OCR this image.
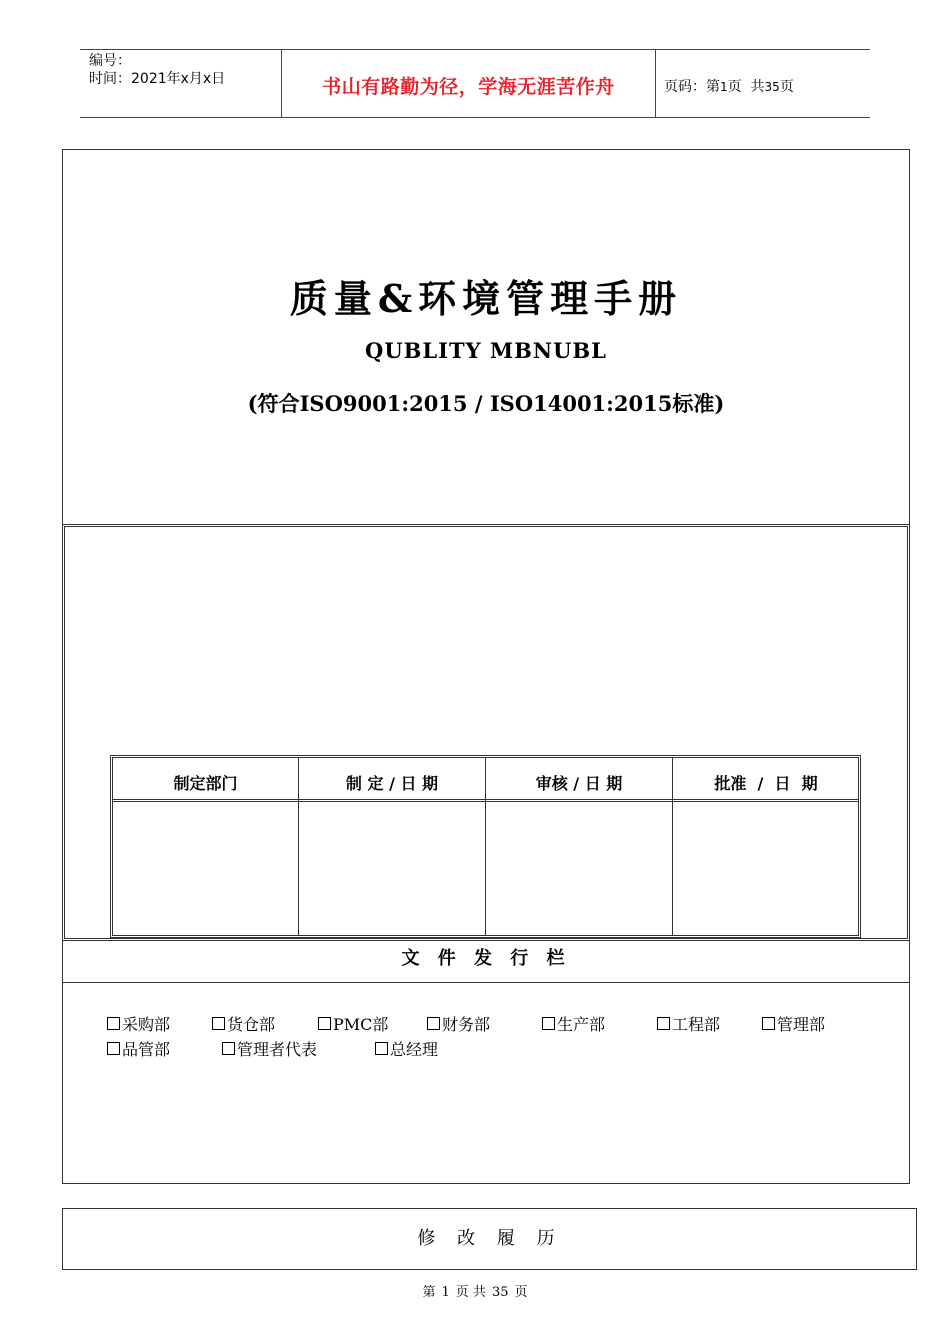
编号：
时间：2021年x月x日	书山有路勤为径，学海无涯苦作舟	页码：第1页  共35页
质量&环境管理手册
QUBLITY MBNUBL
(符合ISO9001:2015 / ISO14001:2015标准)
制定部门	制 定 / 日 期	审核 / 日 期	批准  /  日  期
文 件 发 行 栏
采购部	货仓部	PMC部	财务部	生产部	工程部	管理部
品管部	管理者代表	总经理
修 改 履 历
第 1 页 共 35 页
